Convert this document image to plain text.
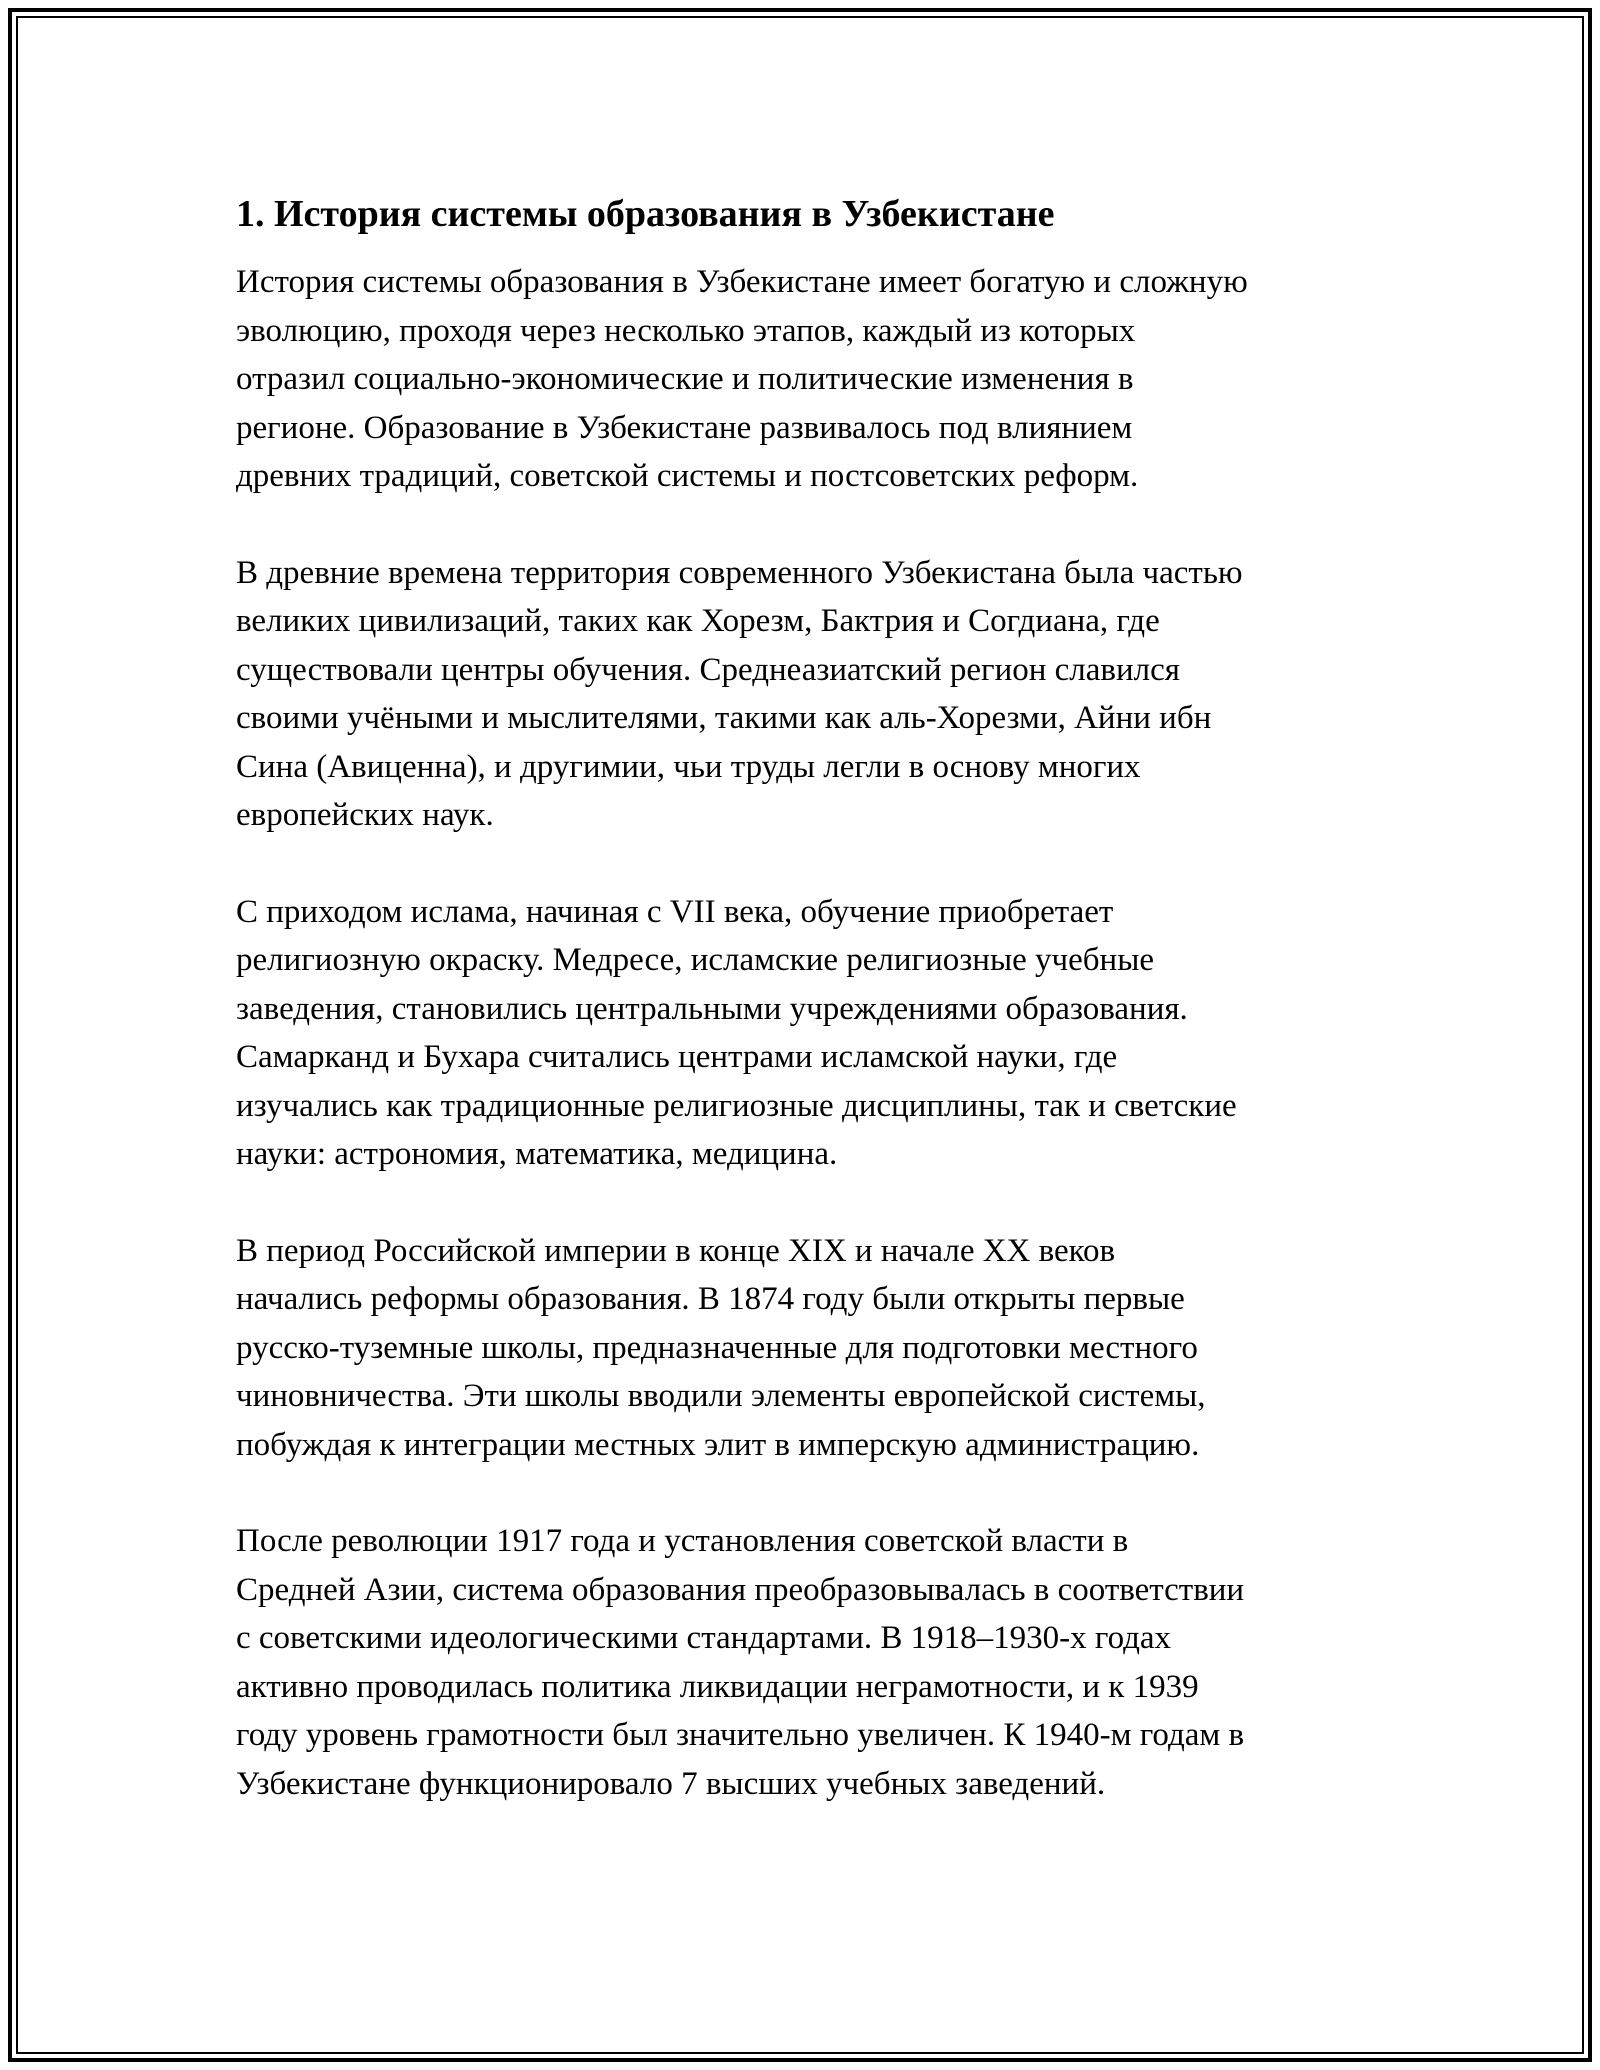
1. История системы образования в Узбекистане

История системы образования в Узбекистане имеет богатую и сложную
эволюцию, проходя через несколько этапов, каждый из которых
отразил социально-экономические и политические изменения в
регионе. Образование в Узбекистане развивалось под влиянием
древних традиций, советской системы и постсоветских реформ.

В древние времена территория современного Узбекистана была частью
великих цивилизаций, таких как Хорезм, Бактрия и Согдиана, где
существовали центры обучения. Среднеазиатский регион славился
своими учёными и мыслителями, такими как аль-Хорезми, Айни ибн
Сина (Авиценна), и другимии, чьи труды легли в основу многих
европейских наук.

С приходом ислама, начиная с VII века, обучение приобретает
религиозную окраску. Медресе, исламские религиозные учебные
заведения, становились центральными учреждениями образования.
Самарканд и Бухара считались центрами исламской науки, где
изучались как традиционные религиозные дисциплины, так и светские
науки: астрономия, математика, медицина.

В период Российской империи в конце XIX и начале XX веков
начались реформы образования. В 1874 году были открыты первые
русско-туземные школы, предназначенные для подготовки местного
чиновничества. Эти школы вводили элементы европейской системы,
побуждая к интеграции местных элит в имперскую администрацию.

После революции 1917 года и установления советской власти в
Средней Азии, система образования преобразовывалась в соответствии
с советскими идеологическими стандартами. В 1918–1930-х годах
активно проводилась политика ликвидации неграмотности, и к 1939
году уровень грамотности был значительно увеличен. К 1940-м годам в
Узбекистане функционировало 7 высших учебных заведений.
